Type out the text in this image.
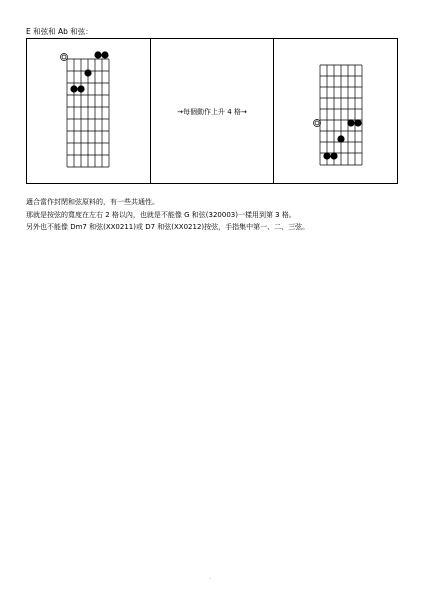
E 和弦和 Ab 和弦：
→每個動作上升 4 格→
適合當作封閉和弦原料的，有一些共通性。
那就是按弦的寬度在左右 2 格以內，也就是不能像 G 和弦(320003)一樣用到第 3 格。
另外也不能像 Dm7 和弦(XX0211)或 D7 和弦(XX0212)按弦，手指集中第一、二、三弦。
.
